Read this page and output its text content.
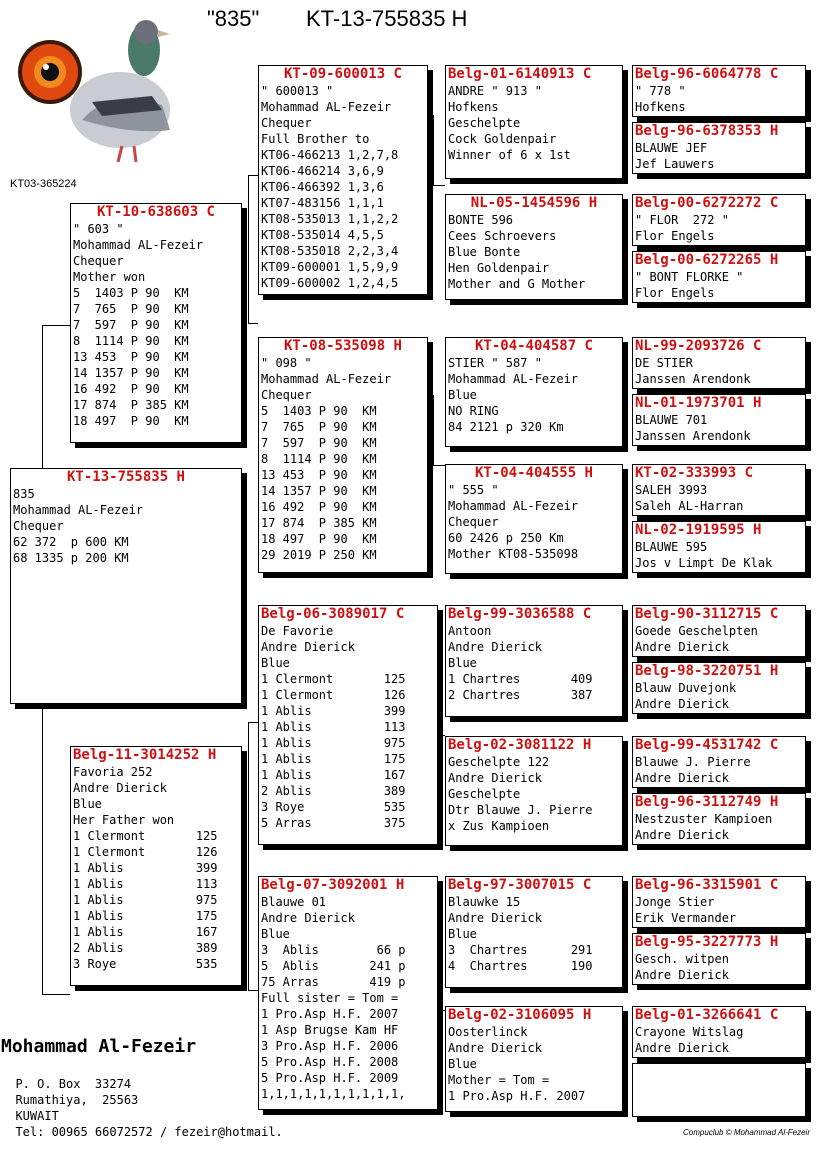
"835" KT-13-755835 H
KT03-365224
KT-13-755835 H
835
Mohammad AL-Fezeir
Chequer
62 372  p 600 KM
68 1335 p 200 KM
KT-10-638603 C
" 603 "
Mohammad AL-Fezeir
Chequer
Mother won
5  1403 P 90  KM
7  765  P 90  KM
7  597  P 90  KM
8  1114 P 90  KM
13 453  P 90  KM
14 1357 P 90  KM
16 492  P 90  KM
17 874  P 385 KM
18 497  P 90  KM
Belg-11-3014252 H
Favoria 252
Andre Dierick
Blue
Her Father won
1 Clermont       125
1 Clermont       126
1 Ablis          399
1 Ablis          113
1 Ablis          975
1 Ablis          175
1 Ablis          167
2 Ablis          389
3 Roye           535
KT-09-600013 C
" 600013 "
Mohammad AL-Fezeir
Chequer
Full Brother to
KT06-466213 1,2,7,8
KT06-466214 3,6,9
KT06-466392 1,3,6
KT07-483156 1,1,1
KT08-535013 1,1,2,2
KT08-535014 4,5,5
KT08-535018 2,2,3,4
KT09-600001 1,5,9,9
KT09-600002 1,2,4,5
KT-08-535098 H
" 098 "
Mohammad AL-Fezeir
Chequer
5  1403 P 90  KM
7  765  P 90  KM
7  597  P 90  KM
8  1114 P 90  KM
13 453  P 90  KM
14 1357 P 90  KM
16 492  P 90  KM
17 874  P 385 KM
18 497  P 90  KM
29 2019 P 250 KM
Belg-06-3089017 C
De Favorie
Andre Dierick
Blue
1 Clermont       125
1 Clermont       126
1 Ablis          399
1 Ablis          113
1 Ablis          975
1 Ablis          175
1 Ablis          167
2 Ablis          389
3 Roye           535
5 Arras          375
Belg-07-3092001 H
Blauwe 01
Andre Dierick
Blue
3  Ablis        66 p
5  Ablis       241 p
75 Arras       419 p
Full sister = Tom =
1 Pro.Asp H.F. 2007
1 Asp Brugse Kam HF
3 Pro.Asp H.F. 2006
5 Pro.Asp H.F. 2008
5 Pro.Asp H.F. 2009
1,1,1,1,1,1,1,1,1,1,
Belg-01-6140913 C
ANDRE " 913 "
Hofkens
Geschelpte
Cock Goldenpair
Winner of 6 x 1st
NL-05-1454596 H
BONTE 596
Cees Schroevers
Blue Bonte
Hen Goldenpair
Mother and G Mother
KT-04-404587 C
STIER " 587 "
Mohammad AL-Fezeir
Blue
NO RING
84 2121 p 320 Km
KT-04-404555 H
" 555 "
Mohammad AL-Fezeir
Chequer
60 2426 p 250 Km
Mother KT08-535098
Belg-99-3036588 C
Antoon
Andre Dierick
Blue
1 Chartres       409
2 Chartres       387
Belg-02-3081122 H
Geschelpte 122
Andre Dierick
Geschelpte
Dtr Blauwe J. Pierre
x Zus Kampioen
Belg-97-3007015 C
Blauwke 15
Andre Dierick
Blue
3  Chartres      291
4  Chartres      190
Belg-02-3106095 H
Oosterlinck
Andre Dierick
Blue
Mother = Tom =
1 Pro.Asp H.F. 2007
Belg-96-6064778 C
" 778 "
Hofkens
Belg-96-6378353 H
BLAUWE JEF
Jef Lauwers
Belg-00-6272272 C
" FLOR  272 "
Flor Engels
Belg-00-6272265 H
" BONT FLORKE "
Flor Engels
NL-99-2093726 C
DE STIER
Janssen Arendonk
NL-01-1973701 H
BLAUWE 701
Janssen Arendonk
KT-02-333993 C
SALEH 3993
Saleh AL-Harran
NL-02-1919595 H
BLAUWE 595
Jos v Limpt De Klak
Belg-90-3112715 C
Goede Geschelpten
Andre Dierick
Belg-98-3220751 H
Blauw Duvejonk
Andre Dierick
Belg-99-4531742 C
Blauwe J. Pierre
Andre Dierick
Belg-96-3112749 H
Nestzuster Kampioen
Andre Dierick
Belg-96-3315901 C
Jonge Stier
Erik Vermander
Belg-95-3227773 H
Gesch. witpen
Andre Dierick
Belg-01-3266641 C
Crayone Witslag
Andre Dierick
Mohammad Al-Fezeir

P. O. Box  33274
Rumathiya,  25563
KUWAIT
Tel: 00965 66072572 / fezeir@hotmail.	Compuclub © Mohammad Al-Fezeir
